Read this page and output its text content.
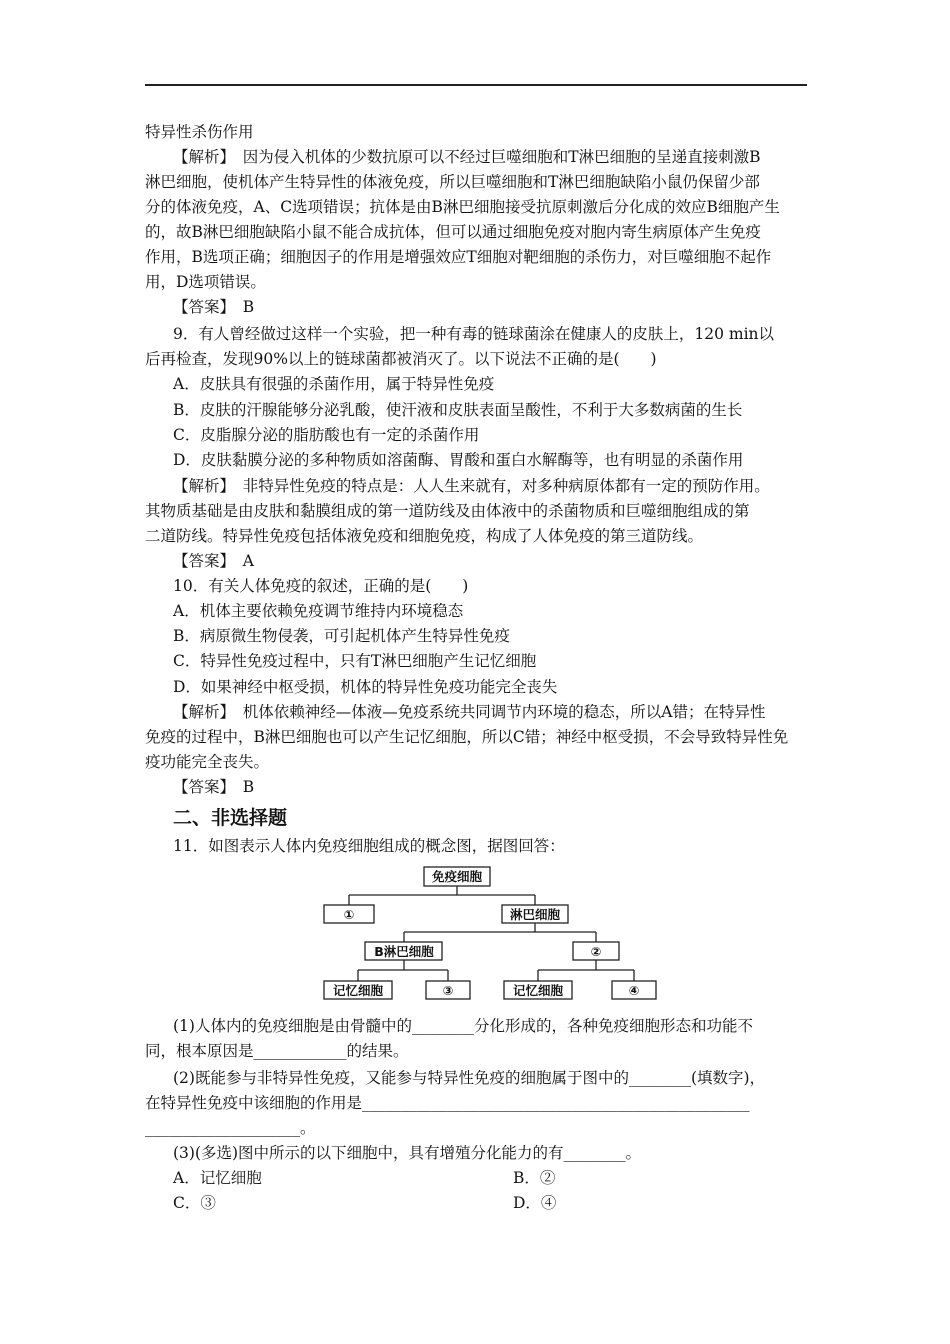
特异性杀伤作用
【解析】　因为侵入机体的少数抗原可以不经过巨噬细胞和T淋巴细胞的呈递直接刺激B
淋巴细胞，使机体产生特异性的体液免疫，所以巨噬细胞和T淋巴细胞缺陷小鼠仍保留少部
分的体液免疫，A、C选项错误；抗体是由B淋巴细胞接受抗原刺激后分化成的效应B细胞产生
的，故B淋巴细胞缺陷小鼠不能合成抗体，但可以通过细胞免疫对胞内寄生病原体产生免疫
作用，B选项正确；细胞因子的作用是增强效应T细胞对靶细胞的杀伤力，对巨噬细胞不起作
用，D选项错误。
【答案】　B
9．有人曾经做过这样一个实验，把一种有毒的链球菌涂在健康人的皮肤上，120 min以
后再检查，发现90%以上的链球菌都被消灭了。以下说法不正确的是(　　)
A．皮肤具有很强的杀菌作用，属于特异性免疫
B．皮肤的汗腺能够分泌乳酸，使汗液和皮肤表面呈酸性，不利于大多数病菌的生长
C．皮脂腺分泌的脂肪酸也有一定的杀菌作用
D．皮肤黏膜分泌的多种物质如溶菌酶、胃酸和蛋白水解酶等，也有明显的杀菌作用
【解析】　非特异性免疫的特点是：人人生来就有，对多种病原体都有一定的预防作用。
其物质基础是由皮肤和黏膜组成的第一道防线及由体液中的杀菌物质和巨噬细胞组成的第
二道防线。特异性免疫包括体液免疫和细胞免疫，构成了人体免疫的第三道防线。
【答案】　A
10．有关人体免疫的叙述，正确的是(　　)
A．机体主要依赖免疫调节维持内环境稳态
B．病原微生物侵袭，可引起机体产生特异性免疫
C．特异性免疫过程中，只有T淋巴细胞产生记忆细胞
D．如果神经中枢受损，机体的特异性免疫功能完全丧失
【解析】　机体依赖神经—体液—免疫系统共同调节内环境的稳态，所以A错；在特异性
免疫的过程中，B淋巴细胞也可以产生记忆细胞，所以C错；神经中枢受损，不会导致特异性免
疫功能完全丧失。
【答案】　B
二、非选择题
11．如图表示人体内免疫细胞组成的概念图，据图回答：
免疫细胞
①	淋巴细胞
B淋巴细胞	②
记忆细胞	③	记忆细胞	④
(1)人体内的免疫细胞是由骨髓中的________分化形成的，各种免疫细胞形态和功能不
同，根本原因是____________的结果。
(2)既能参与非特异性免疫，又能参与特异性免疫的细胞属于图中的________(填数字)，
在特异性免疫中该细胞的作用是__________________________________________________
____________________。
(3)(多选)图中所示的以下细胞中，具有增殖分化能力的有________。
A．记忆细胞	B．②
C．③	D．④
